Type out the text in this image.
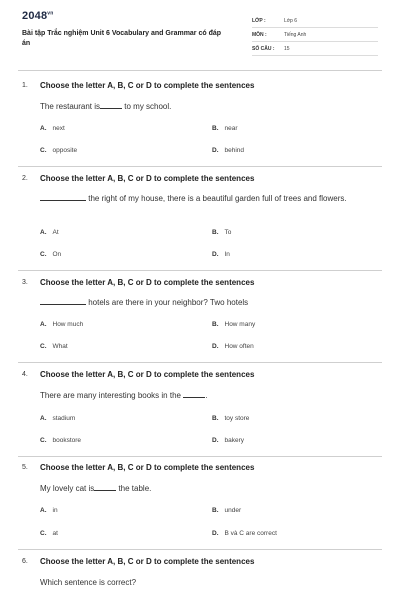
$2048^{vn}$
Bài tập Trắc nghiệm Unit 6 Vocabulary and Grammar có đáp án
LỚP :	Lớp 6
MÔN :	Tiếng Anh
SỐ CÂU : 15
1. Choose the letter A, B, C or D to complete the sentences
The restaurant is	to my school.
A. next	B. near
C. opposite	D. behind
2. Choose the letter A, B, C or D to complete the sentences
the right of my house, there is a beautiful garden full of trees and flowers.
A. At	B. To
C. On	D. In
3. Choose the letter A, B, C or D to complete the sentences
hotels are there in your neighbor? Two hotels
A. How much	B. How many
C. What	D. How often
4. Choose the letter A, B, C or D to complete the sentences
There are many interesting books in the	.
A. stadium	B. toy store
C. bookstore	D. bakery
5. Choose the letter A, B, C or D to complete the sentences
My lovely cat is	the table.
A. in	B. under
C. at	D. B và C are correct
6. Choose the letter A, B, C or D to complete the sentences
Which sentence is correct?
